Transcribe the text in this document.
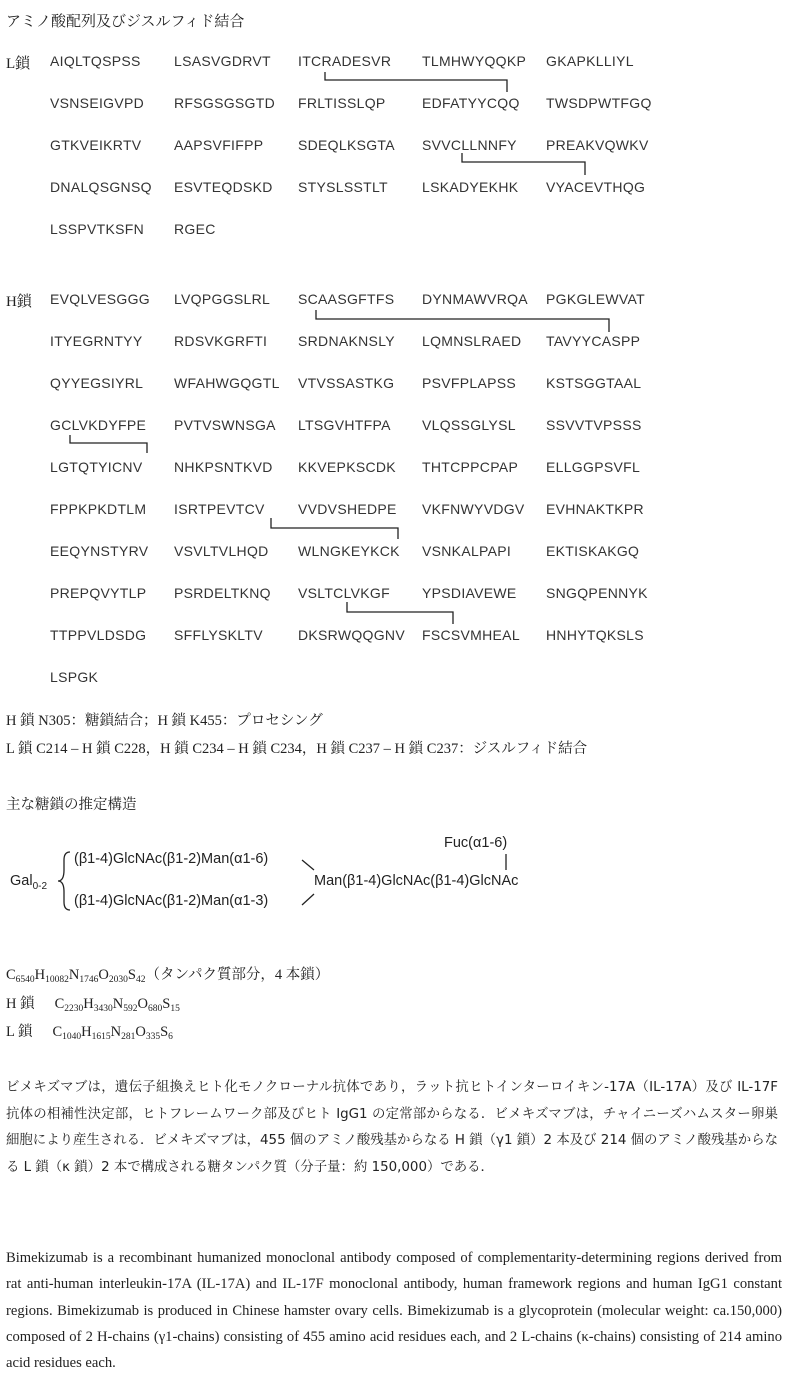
アミノ酸配列及びジスルフィド結合
L鎖 AIQLTQSPSS LSASVGDRVT ITCRADESVR TLMHWYQQKP GKAPKLLIYL
VSNSEIGVPD RFSGSGSGTD FRLTISSLQP	EDFATYYCQQ TWSDPWTFGQ
GTKVEIKRTV AAPSVFIFPP SDEQLKSGTA SVVCLLNNFY PREAKVQWKV
DNALQSGNSQ ESVTEQDSKD STYSLSSTLT LSKADYEKHK VYACEVTHQG
LSSPVTKSFN RGEC
H鎖 EVQLVESGGG LVQPGGSLRL SCAASGFTFS DYNMAWVRQA PGKGLEWVAT
ITYEGRNTYY RDSVKGRFTI SRDNAKNSLY LQMNSLRAED TAVYYCASPP
QYYEGSIYRL WFAHWGQGTL VTVSSASTKG PSVFPLAPSS KSTSGGTAAL
GCLVKDYFPE PVTVSWNSGA LTSGVHTFPA VLQSSGLYSL SSVVTVPSSS
LGTQTYICNV NHKPSNTKVD KKVEPKSCDK THTCPPCPAP ELLGGPSVFL
FPPKPKDTLM ISRTPEVTCV VVDVSHEDPE VKFNWYVDGV EVHNAKTKPR
EEQYNSTYRV VSVLTVLHQD WLNGKEYKCK VSNKALPAPI EKTISKAKGQ
PREPQVYTLP PSRDELTKNQ VSLTCLVKGF YPSDIAVEWE SNGQPENNYK
TTPPVLDSDG SFFLYSKLTV	DKSRWQQGNV FSCSVMHEAL HNHYTQKSLS
LSPGK
H 鎖 N305：糖鎖結合；H 鎖 K455：プロセシング
L 鎖 C214 – H 鎖 C228，H 鎖 C234 – H 鎖 C234，H 鎖 C237 – H 鎖 C237：ジスルフィド結合
主な糖鎖の推定構造
Fuc(α1-6)
Gal$_{0-2}$
(β1-4)GlcNAc(β1-2)Man(α1-6)
(β1-4)GlcNAc(β1-2)Man(α1-3)
Man(β1-4)GlcNAc(β1-4)GlcNAc
$C_{6540}H_{10082}N_{1746}O_{2030}S_{42}$（タンパク質部分，4 本鎖）
H 鎖 $C_{2230}H_{3430}N_{592}O_{680}S_{15}$
L 鎖 $C_{1040}H_{1615}N_{281}O_{335}S_6$
ビメキズマブは，遺伝子組換えヒト化モノクローナル抗体であり，ラット抗ヒトインターロイキン-17A（IL-17A）及び IL-17F 抗体の相補性決定部，ヒトフレームワーク部及びヒト IgG1 の定常部からなる．ビメキズマブは，チャイニーズハムスター卵巣細胞により産生される．ビメキズマブは，455 個のアミノ酸残基からなる H 鎖（γ1 鎖）2 本及び 214 個のアミノ酸残基からなる L 鎖（κ 鎖）2 本で構成される糖タンパク質（分子量：約 150,000）である．
Bimekizumab is a recombinant humanized monoclonal antibody composed of complementarity-determining regions derived from rat anti-human interleukin-17A (IL-17A) and IL-17F monoclonal antibody, human framework regions and human IgG1 constant regions. Bimekizumab is produced in Chinese hamster ovary cells. Bimekizumab is a glycoprotein (molecular weight: ca.150,000) composed of 2 H-chains (γ1-chains) consisting of 455 amino acid residues each, and 2 L-chains (κ-chains) consisting of 214 amino acid residues each.
